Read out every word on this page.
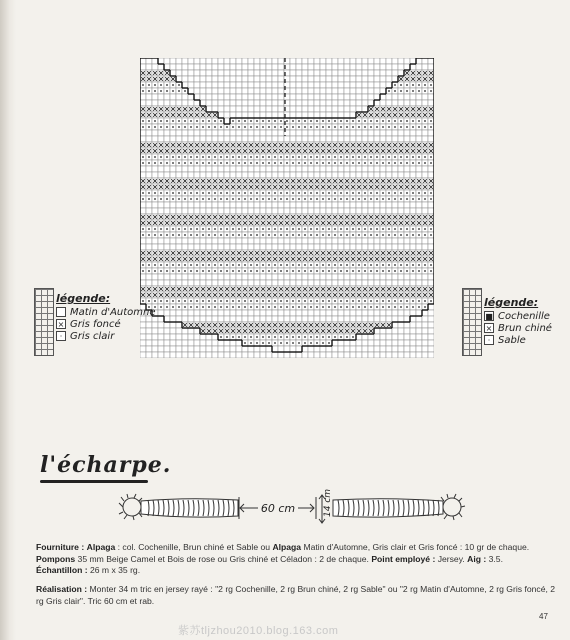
légende:
Matin d'Automne
× Gris foncé
· Gris clair
légende:
■ Cochenille
× Brun chiné
· Sable
l'écharpe.
60 cm	14 cm
Fourniture : Alpaga : col. Cochenille, Brun chiné et Sable ou Alpaga Matin d'Automne, Gris clair et Gris foncé : 10 gr de chaque.
Pompons 35 mm Beige Camel et Bois de rose ou Gris chiné et Céladon : 2 de chaque. Point employé : Jersey. Aig : 3.5.
Échantillon : 26 m x 35 rg.
Réalisation : Monter 34 m tric en jersey rayé : "2 rg Cochenille, 2 rg Brun chiné, 2 rg Sable" ou "2 rg Matin d'Automne, 2 rg Gris foncé, 2 rg Gris clair". Tric 60 cm et rab.
47
紫苏tljzhou2010.blog.163.com
